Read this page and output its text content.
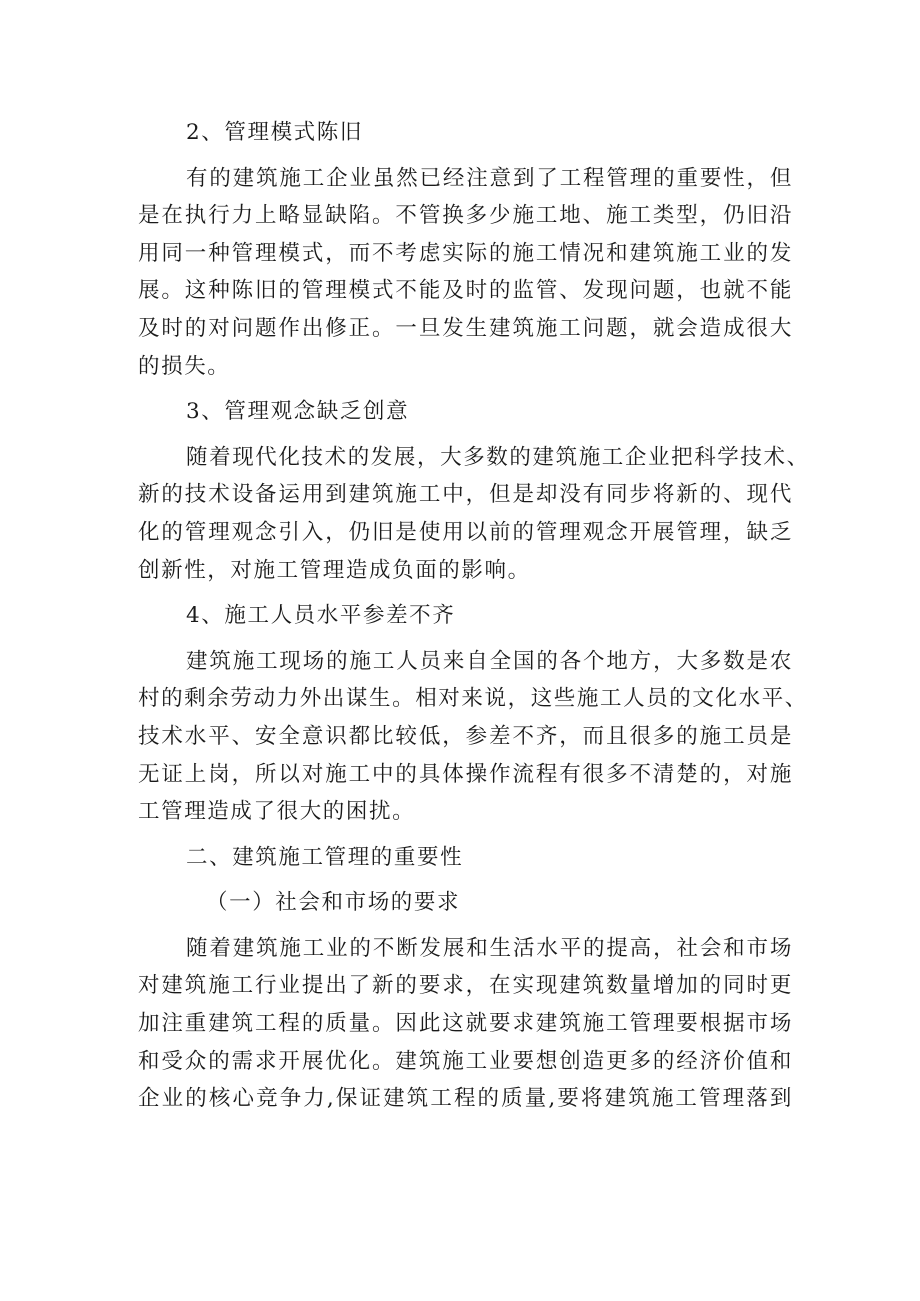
2、管理模式陈旧
有的建筑施工企业虽然已经注意到了工程管理的重要性，但
是在执行力上略显缺陷。不管换多少施工地、施工类型，仍旧沿
用同一种管理模式，而不考虑实际的施工情况和建筑施工业的发
展。这种陈旧的管理模式不能及时的监管、发现问题，也就不能
及时的对问题作出修正。一旦发生建筑施工问题，就会造成很大
的损失。
3、管理观念缺乏创意
随着现代化技术的发展，大多数的建筑施工企业把科学技术、
新的技术设备运用到建筑施工中，但是却没有同步将新的、现代
化的管理观念引入，仍旧是使用以前的管理观念开展管理，缺乏
创新性，对施工管理造成负面的影响。
4、施工人员水平参差不齐
建筑施工现场的施工人员来自全国的各个地方，大多数是农
村的剩余劳动力外出谋生。相对来说，这些施工人员的文化水平、
技术水平、安全意识都比较低，参差不齐，而且很多的施工员是
无证上岗，所以对施工中的具体操作流程有很多不清楚的，对施
工管理造成了很大的困扰。
二、建筑施工管理的重要性
（一）社会和市场的要求
随着建筑施工业的不断发展和生活水平的提高，社会和市场
对建筑施工行业提出了新的要求，在实现建筑数量增加的同时更
加注重建筑工程的质量。因此这就要求建筑施工管理要根据市场
和受众的需求开展优化。建筑施工业要想创造更多的经济价值和
企业的核心竞争力,保证建筑工程的质量,要将建筑施工管理落到
